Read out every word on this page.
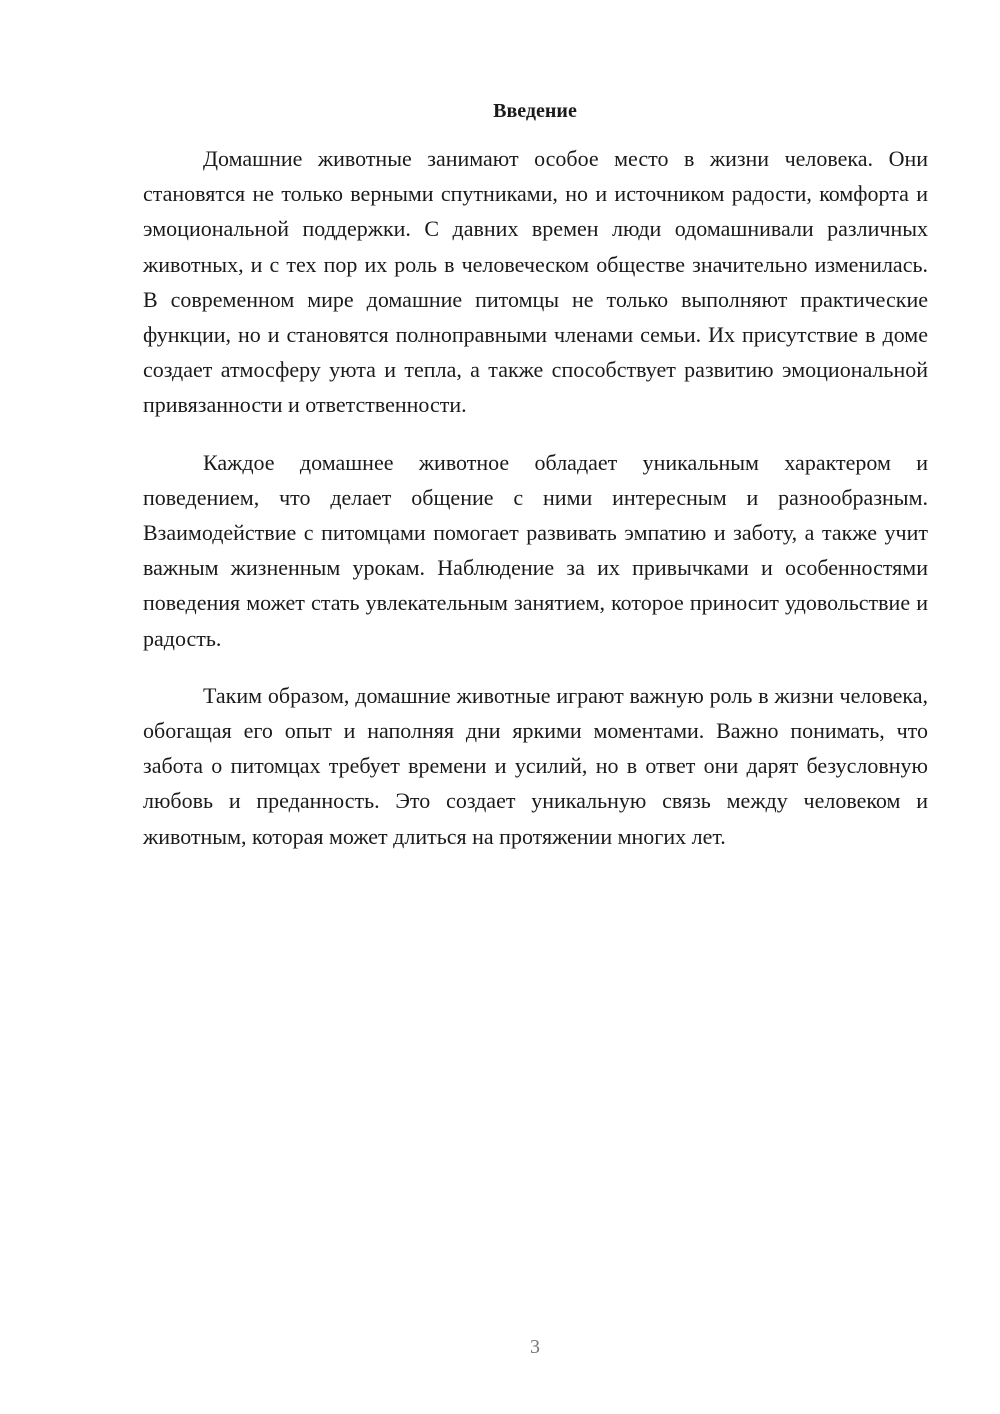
Введение

Домашние животные занимают особое место в жизни человека. Они становятся не только верными спутниками, но и источником радости, комфорта и эмоциональной поддержки. С давних времен люди одомашнивали различных животных, и с тех пор их роль в человеческом обществе значительно изменилась. В современном мире домашние питомцы не только выполняют практические функции, но и становятся полноправными членами семьи. Их присутствие в доме создает атмосферу уюта и тепла, а также способствует развитию эмоциональной привязанности и ответственности.

Каждое домашнее животное обладает уникальным характером и поведением, что делает общение с ними интересным и разнообразным. Взаимодействие с питомцами помогает развивать эмпатию и заботу, а также учит важным жизненным урокам. Наблюдение за их привычками и особенностями поведения может стать увлекательным занятием, которое приносит удовольствие и радость.

Таким образом, домашние животные играют важную роль в жизни человека, обогащая его опыт и наполняя дни яркими моментами. Важно понимать, что забота о питомцах требует времени и усилий, но в ответ они дарят безусловную любовь и преданность. Это создает уникальную связь между человеком и животным, которая может длиться на протяжении многих лет.

3
